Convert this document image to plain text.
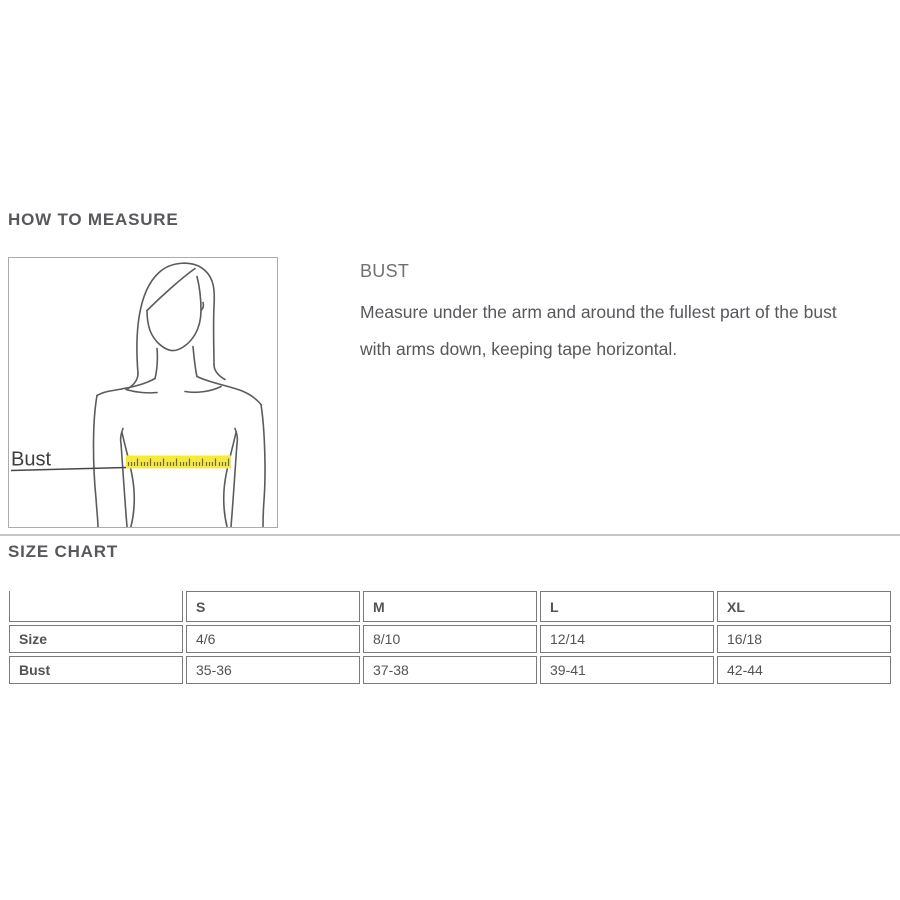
HOW TO MEASURE
Bust
BUST

Measure under the arm and around the fullest part of the bust
with arms down, keeping tape horizontal.

SIZE CHART
	S	M	L	XL
Size	4/6	8/10	12/14	16/18
Bust	35-36	37-38	39-41	42-44
